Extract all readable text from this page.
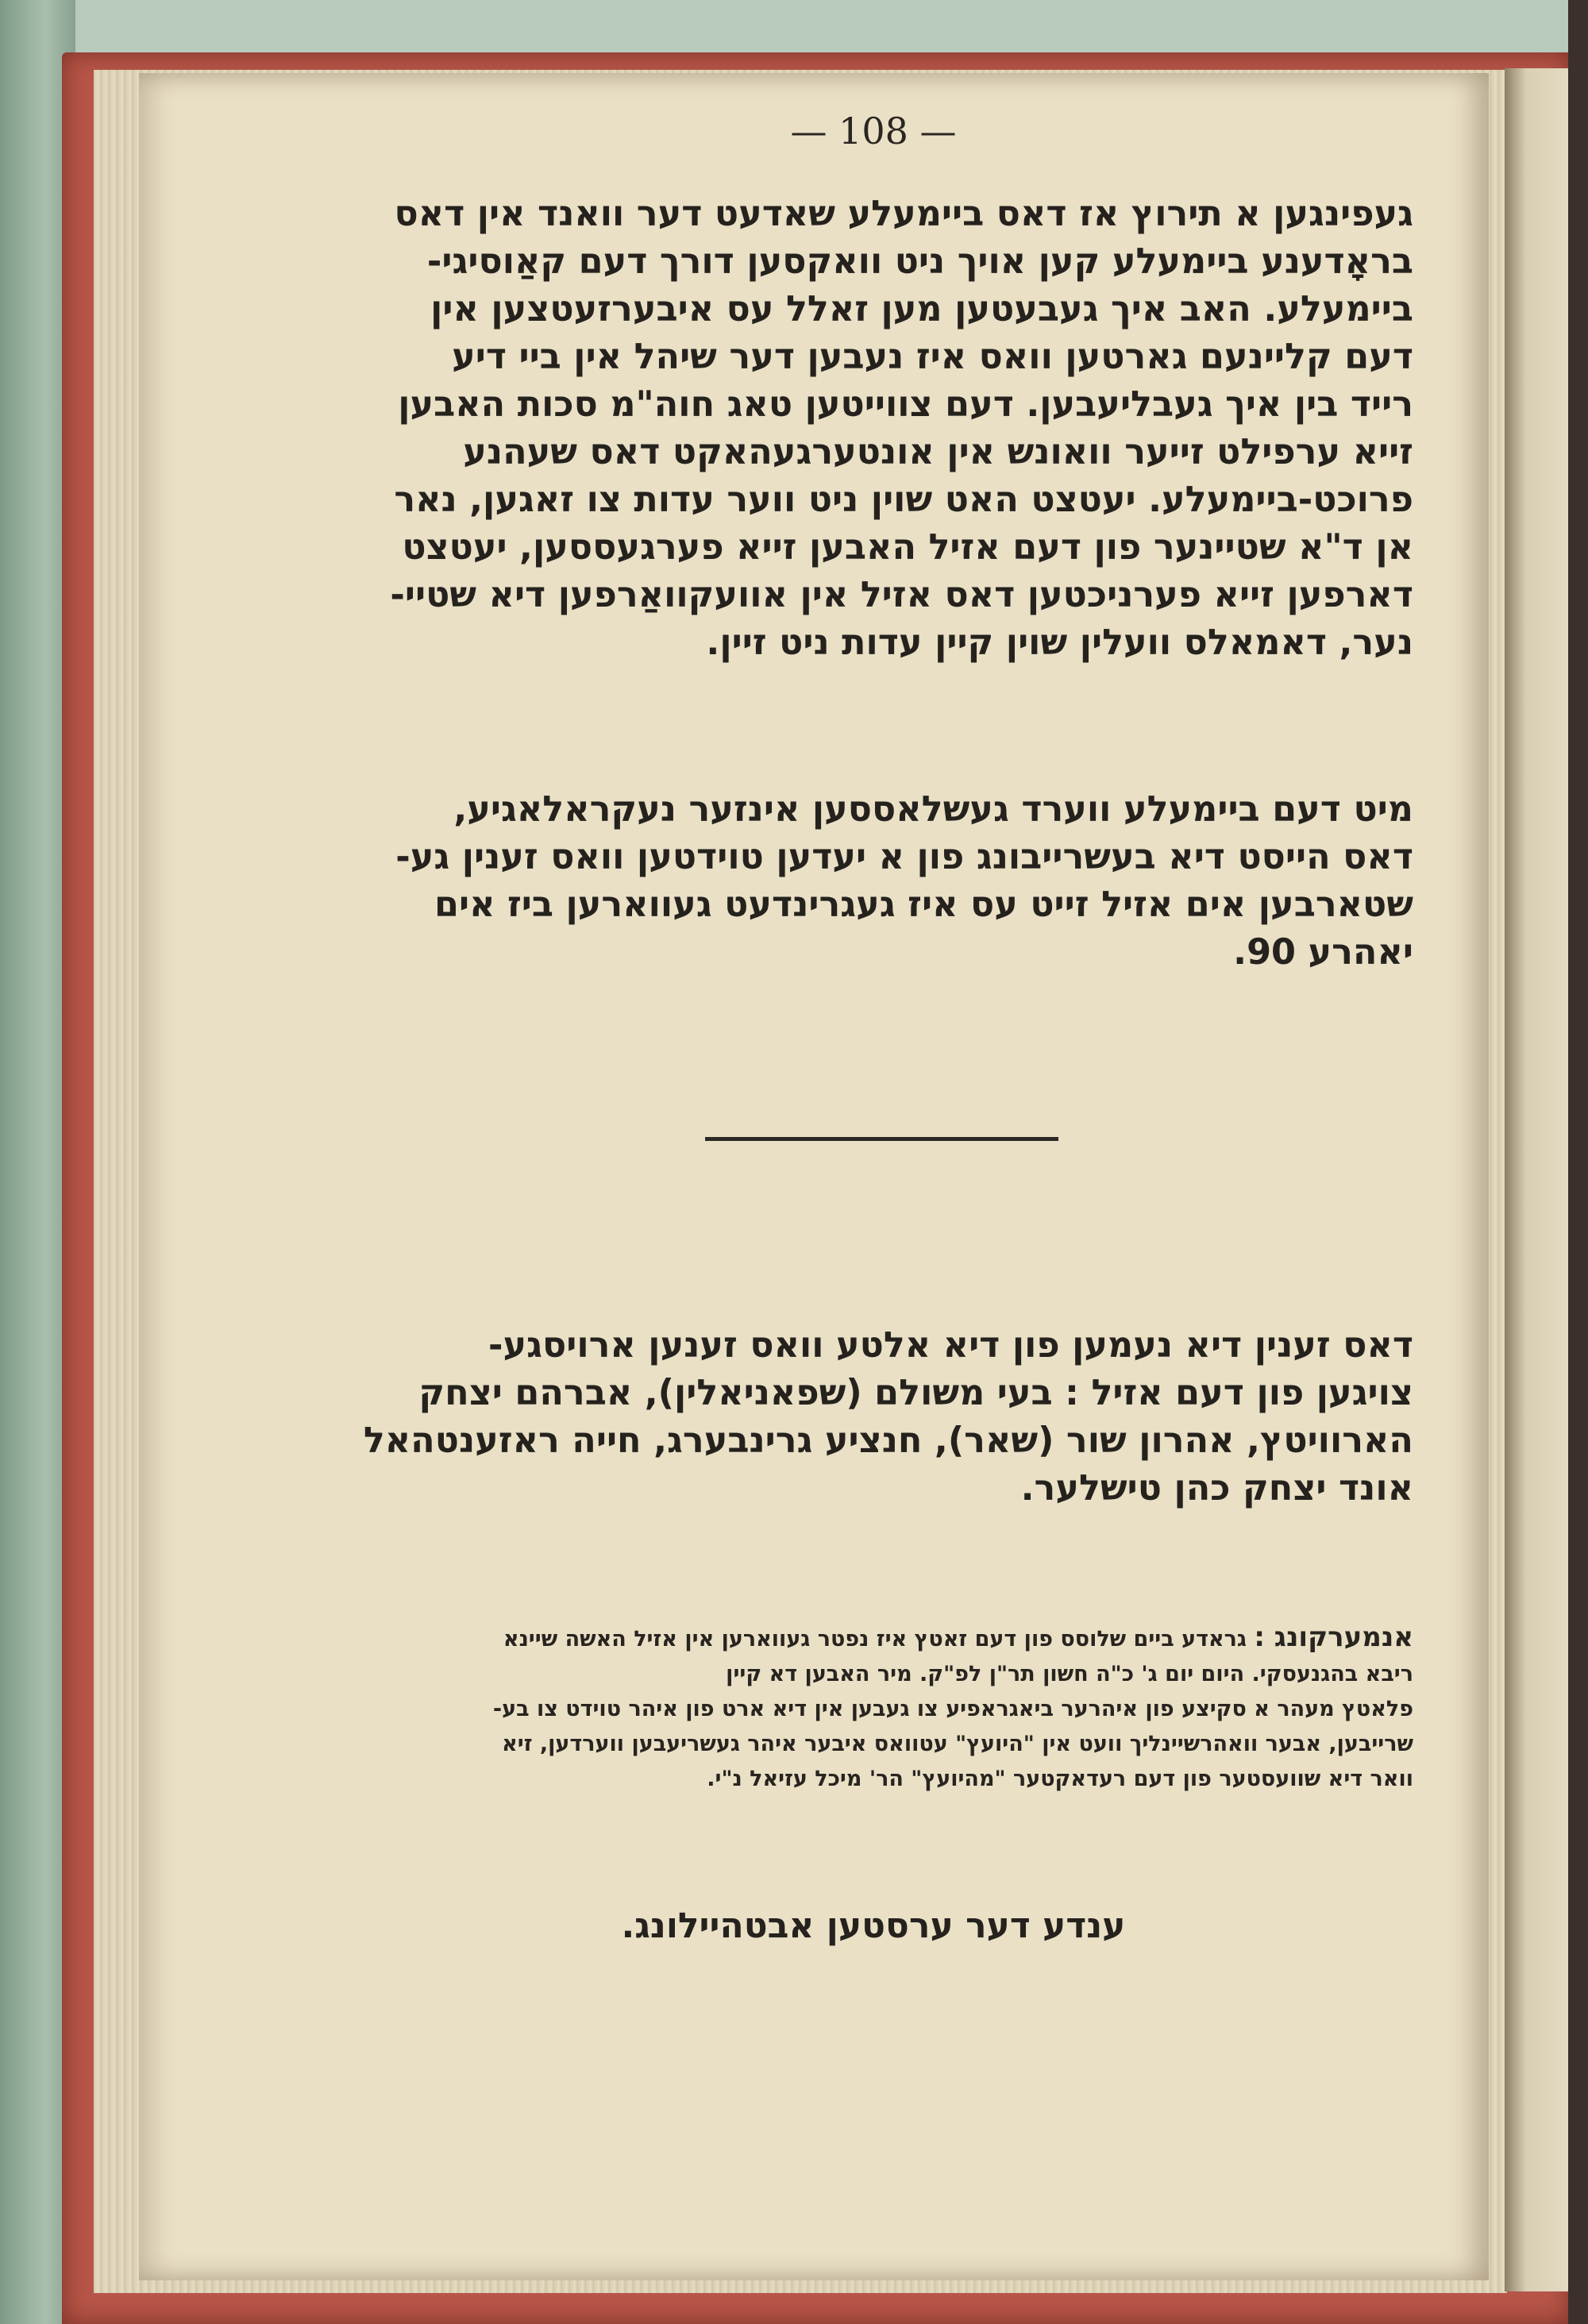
— 108 —

געפינגען א תירוץ אז דאס ביימעלע שאדעט דער וואנד אין דאס
בראָדענע ביימעלע קען אויך ניט וואקסען דורך דעם קאַוסיגי-
ביימעלע. האב איך געבעטען מען זאלל עס איבערזעטצען אין
דעם קליינעם גארטען וואס איז נעבען דער שיהל אין ביי דיע
רייד בין איך געבליעבען. דעם צווייטען טאג חוה"מ סכות האבען
זייא ערפילט זייער וואונש אין אונטערגעהאקט דאס שעהנע
פרוכט-ביימעלע. יעטצט האט שוין ניט ווער עדות צו זאגען, נאר
אן ד"א שטיינער פון דעם אזיל האבען זייא פערגעססען, יעטצט
דארפען זייא פערניכטען דאס אזיל אין אוועקוואַרפען דיא שטיי-
נער, דאמאלס וועלין שוין קיין עדות ניט זיין.

מיט דעם ביימעלע ווערד געשלאססען אינזער נעקראלאגיע,
דאס הייסט דיא בעשרייבונג פון א יעדען טוידטען וואס זענין גע-
שטארבען אים אזיל זייט עס איז געגרינדעט געווארען ביז אים
יאהרע 90.

דאס זענין דיא נעמען פון דיא אלטע וואס זענען ארויסגע-
צויגען פון דעם אזיל : בעי משולם (שפאניאלין), אברהם יצחק
הארוויטץ, אהרון שור (שאר), חנציע גרינבערג, חייה ראזענטהאל
אונד יצחק כהן טישלער.

אנמערקונג : גראדע ביים שלוסס פון דעם זאטץ איז נפטר געווארען אין אזיל האשה שיינא
ריבא בהגנעסקי. היום יום ג' כ"ה חשון תר"ן לפ"ק. מיר האבען דא קיין
פלאטץ מעהר א סקיצע פון איהרער ביאגראפיע צו געבען אין דיא ארט פון איהר טוידט צו בע-
שרייבען, אבער וואהרשיינליך וועט אין "היועץ" עטוואס איבער איהר געשריעבען ווערדען, זיא
וואר דיא שוועסטער פון דעם רעדאקטער "מהיועץ" הר' מיכל עזיאל נ"י.

ענדע דער ערסטען אבטהיילונג.
